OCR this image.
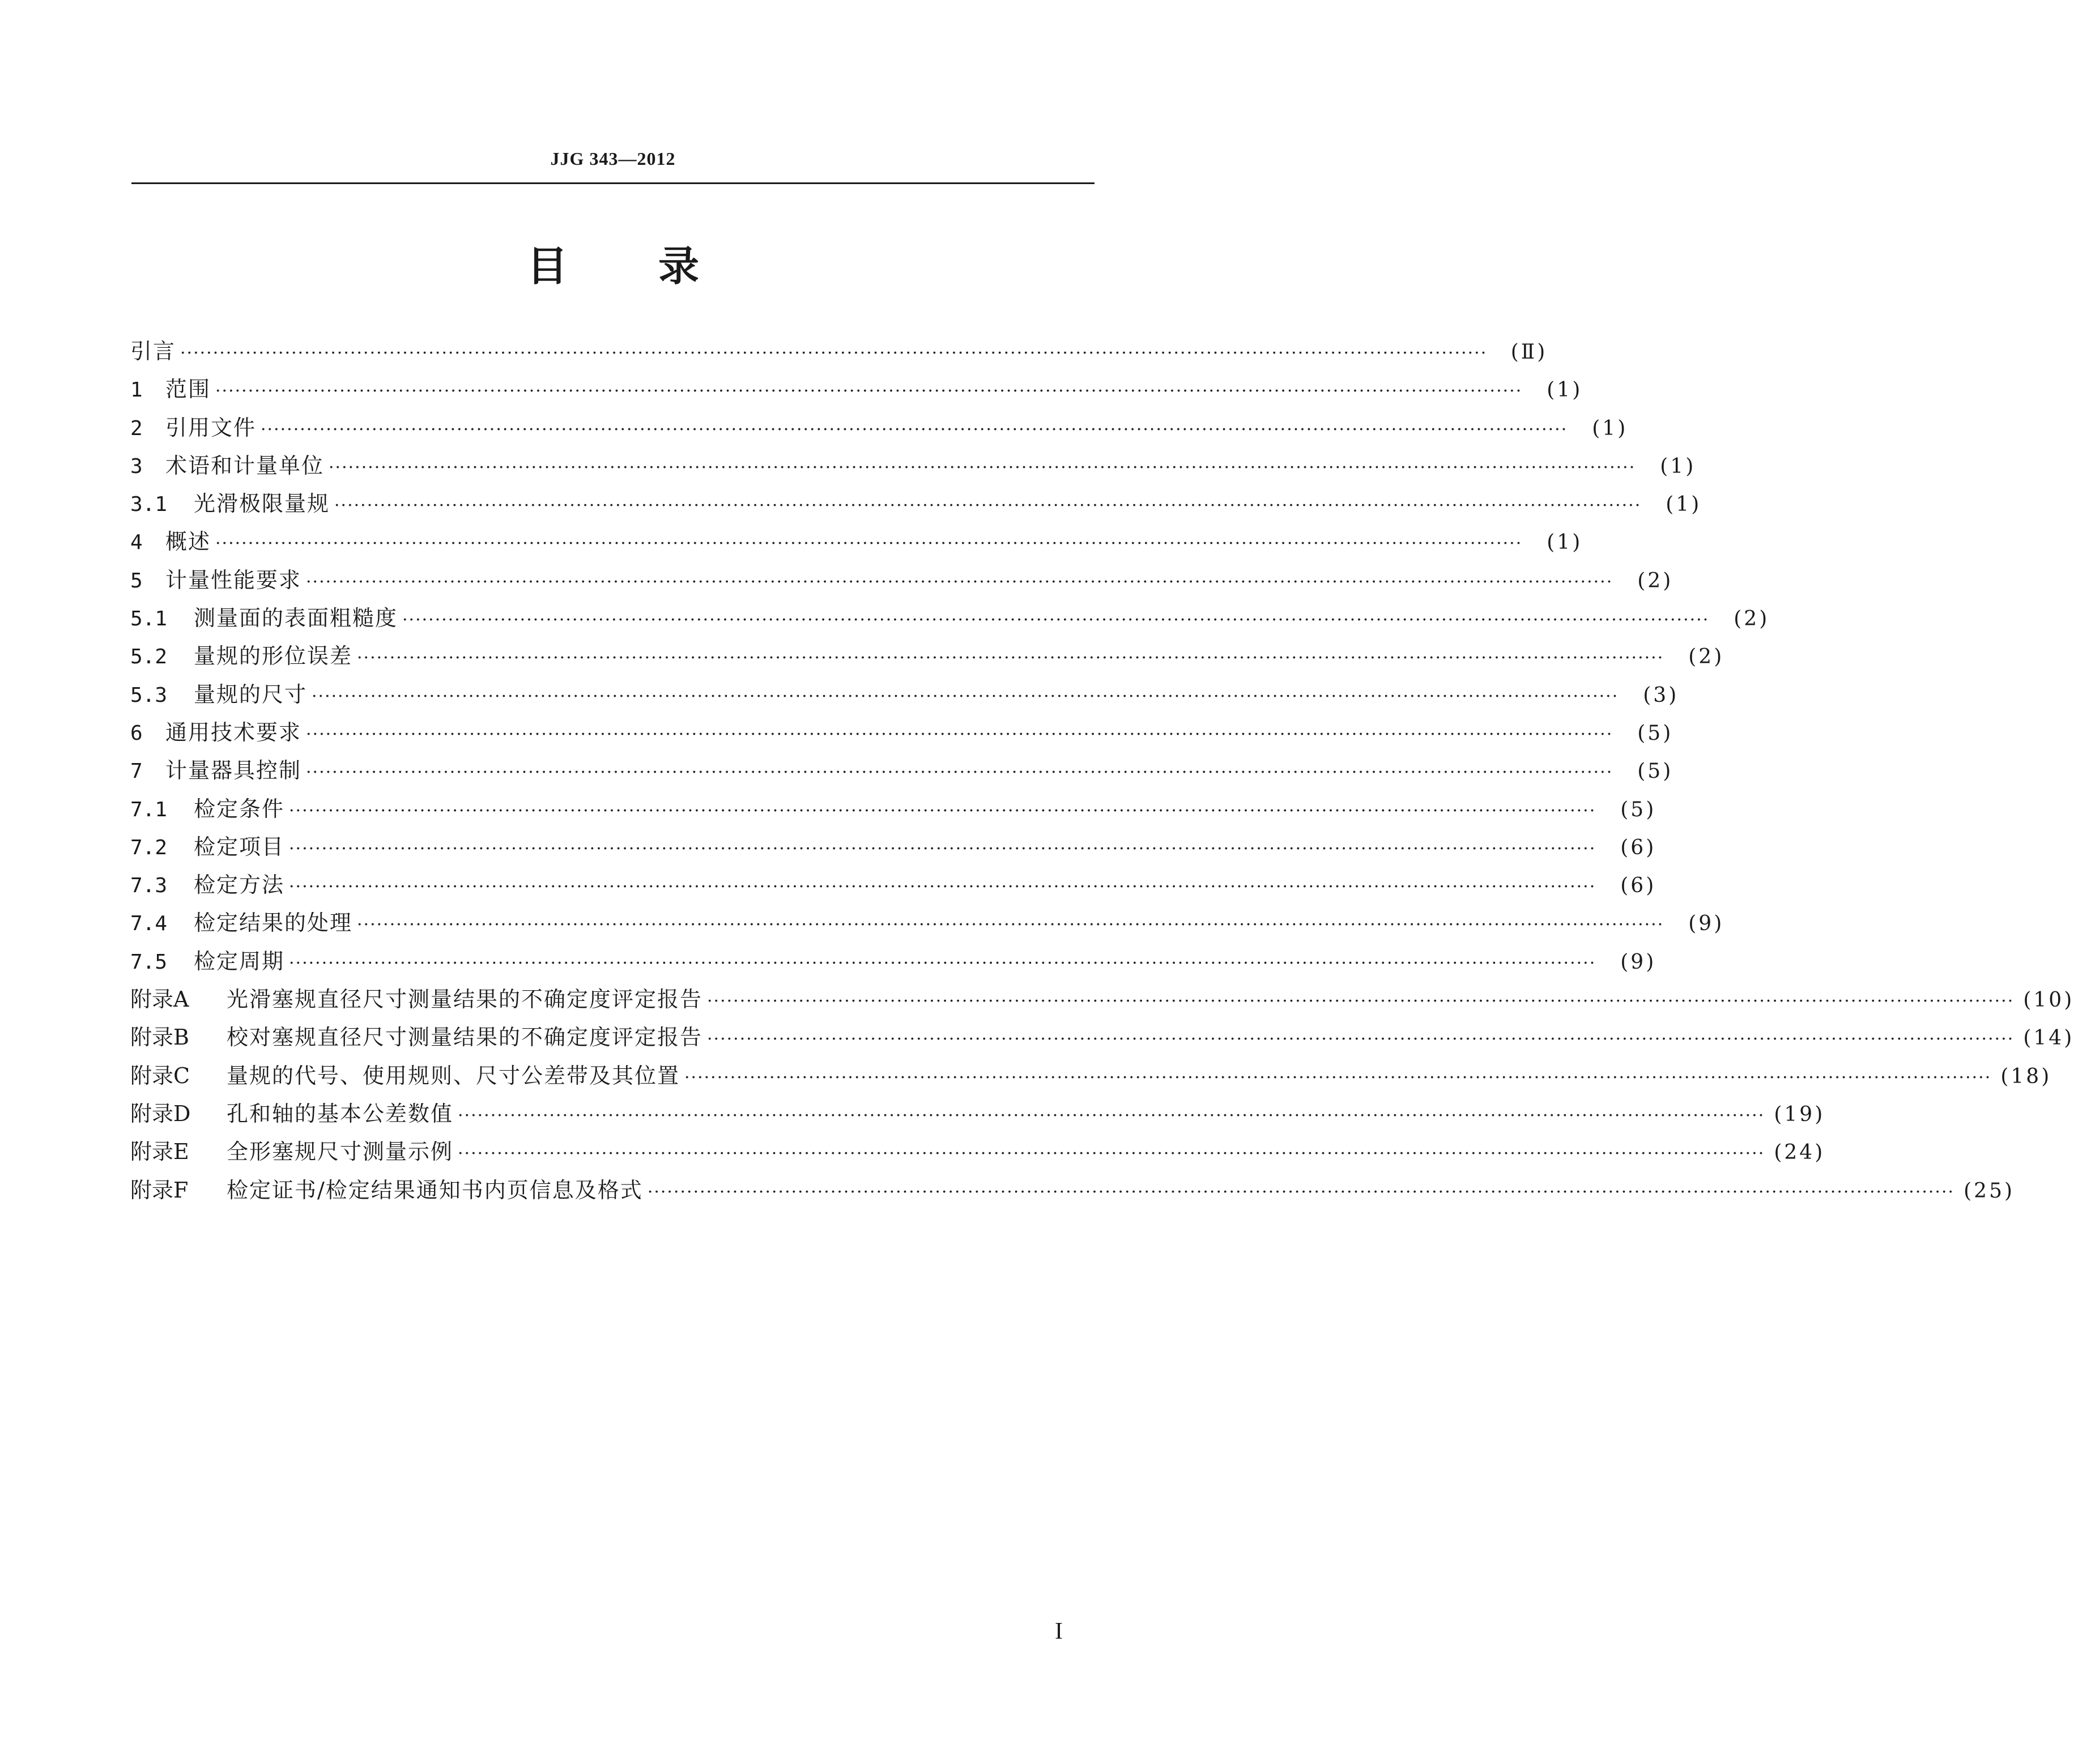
JJG 343—2012
目 录
引言 ········································································································································································································	(Ⅱ)
1	范围 ········································································································································································································	(1)
2	引用文件 ········································································································································································································	(1)
3	术语和计量单位 ········································································································································································································	(1)
3.1	光滑极限量规 ········································································································································································································	(1)
4	概述 ········································································································································································································	(1)
5	计量性能要求 ········································································································································································································	(2)
5.1	测量面的表面粗糙度 ········································································································································································································	(2)
5.2	量规的形位误差 ········································································································································································································	(2)
5.3	量规的尺寸 ········································································································································································································	(3)
6	通用技术要求 ········································································································································································································	(5)
7	计量器具控制 ········································································································································································································	(5)
7.1	检定条件 ········································································································································································································	(5)
7.2	检定项目 ········································································································································································································	(6)
7.3	检定方法 ········································································································································································································	(6)
7.4	检定结果的处理 ········································································································································································································	(9)
7.5	检定周期 ········································································································································································································	(9)
附录A	光滑塞规直径尺寸测量结果的不确定度评定报告 ········································································································································································································ (10)
附录B	校对塞规直径尺寸测量结果的不确定度评定报告 ········································································································································································································ (14)
附录C	量规的代号、使用规则、尺寸公差带及其位置 ········································································································································································································ (18)
附录D	孔和轴的基本公差数值 ········································································································································································································ (19)
附录E	全形塞规尺寸测量示例 ········································································································································································································ (24)
附录F	检定证书/检定结果通知书内页信息及格式 ········································································································································································································ (25)
I
